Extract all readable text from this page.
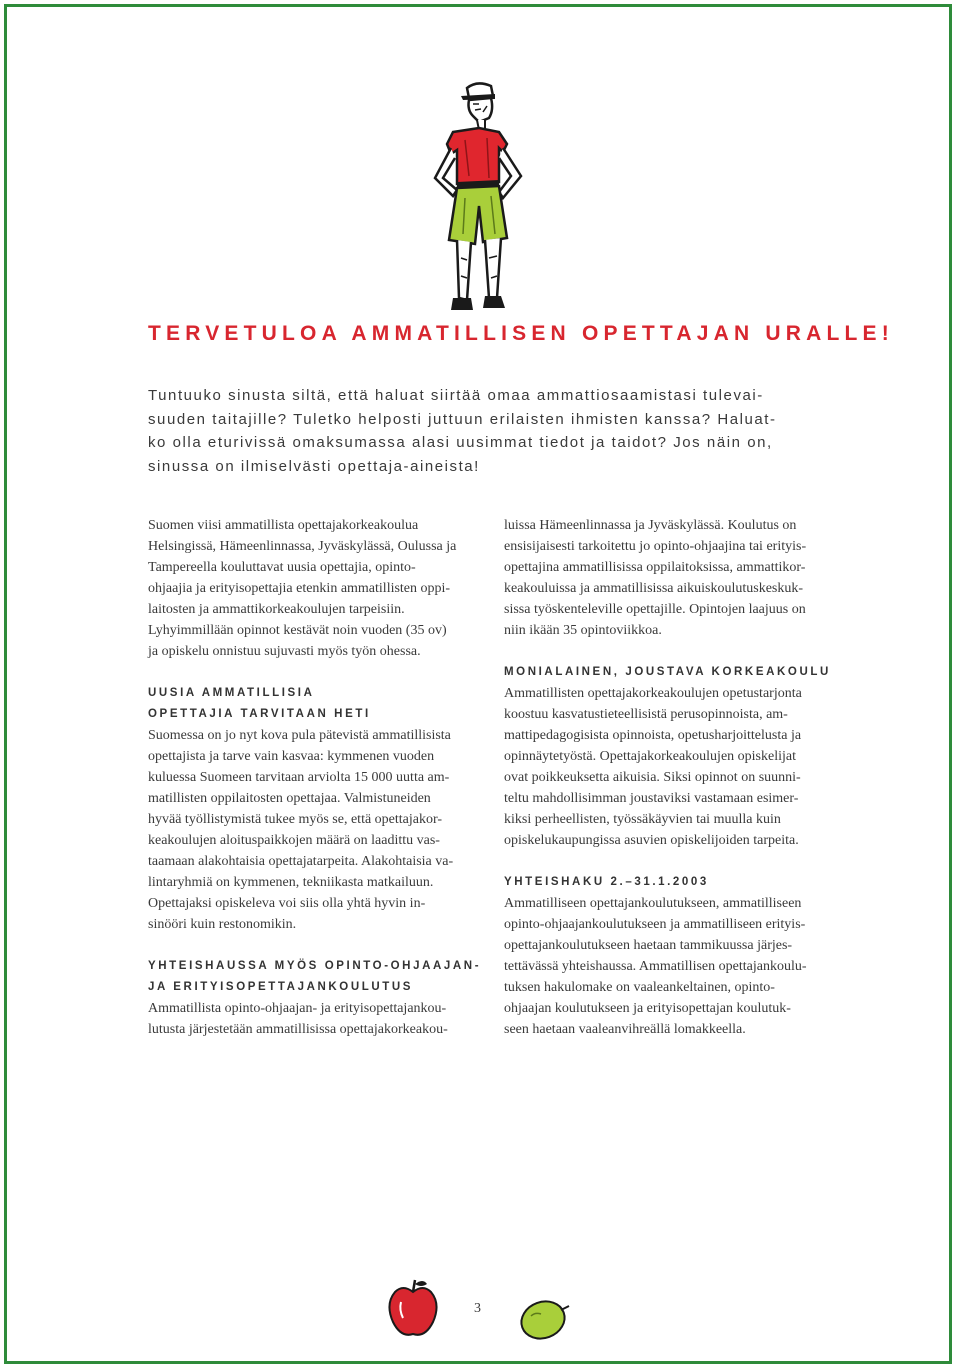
TERVETULOA AMMATILLISEN OPETTAJAN URALLE!

Tuntuuko sinusta siltä, että haluat siirtää omaa ammattiosaamistasi tulevai-
suuden taitajille? Tuletko helposti juttuun erilaisten ihmisten kanssa? Haluat-
ko olla eturivissä omaksumassa alasi uusimmat tiedot ja taidot? Jos näin on,
sinussa on ilmiselvästi opettaja-aineista!

Suomen viisi ammatillista opettajakorkeakoulua
Helsingissä, Hämeenlinnassa, Jyväskylässä, Oulussa ja
Tampereella kouluttavat uusia opettajia, opinto-
ohjaajia ja erityisopettajia etenkin ammatillisten oppi-
laitosten ja ammattikorkeakoulujen tarpeisiin.
Lyhyimmillään opinnot kestävät noin vuoden (35 ov)
ja opiskelu onnistuu sujuvasti myös työn ohessa.

UUSIA AMMATILLISIA
OPETTAJIA TARVITAAN HETI

Suomessa on jo nyt kova pula pätevistä ammatillisista
opettajista ja tarve vain kasvaa: kymmenen vuoden
kuluessa Suomeen tarvitaan arviolta 15 000 uutta am-
matillisten oppilaitosten opettajaa. Valmistuneiden
hyvää työllistymistä tukee myös se, että opettajakor-
keakoulujen aloituspaikkojen määrä on laadittu vas-
taamaan alakohtaisia opettajatarpeita. Alakohtaisia va-
lintaryhmiä on kymmenen, tekniikasta matkailuun.
Opettajaksi opiskeleva voi siis olla yhtä hyvin in-
sinööri kuin restonomikin.

YHTEISHAUSSA MYÖS OPINTO-OHJAAJAN-
JA ERITYISOPETTAJANKOULUTUS

Ammatillista opinto-ohjaajan- ja erityisopettajankou-
lutusta järjestetään ammatillisissa opettajakorkeakou-

luissa Hämeenlinnassa ja Jyväskylässä. Koulutus on
ensisijaisesti tarkoitettu jo opinto-ohjaajina tai erityis-
opettajina ammatillisissa oppilaitoksissa, ammattikor-
keakouluissa ja ammatillisissa aikuiskoulutuskeskuk-
sissa työskenteleville opettajille. Opintojen laajuus on
niin ikään 35 opintoviikkoa.

MONIALAINEN, JOUSTAVA KORKEAKOULU

Ammatillisten opettajakorkeakoulujen opetustarjonta
koostuu kasvatustieteellisistä perusopinnoista, am-
mattipedagogisista opinnoista, opetusharjoittelusta ja
opinnäytetyöstä. Opettajakorkeakoulujen opiskelijat
ovat poikkeuksetta aikuisia. Siksi opinnot on suunni-
teltu mahdollisimman joustaviksi vastamaan esimer-
kiksi perheellisten, työssäkäyvien tai muulla kuin
opiskelukaupungissa asuvien opiskelijoiden tarpeita.

YHTEISHAKU 2.–31.1.2003

Ammatilliseen opettajankoulutukseen, ammatilliseen
opinto-ohjaajankoulutukseen ja ammatilliseen erityis-
opettajankoulutukseen haetaan tammikuussa järjes-
tettävässä yhteishaussa. Ammatillisen opettajankoulu-
tuksen hakulomake on vaaleankeltainen, opinto-
ohjaajan koulutukseen ja erityisopettajan koulutuk-
seen haetaan vaaleanvihreällä lomakkeella.

3
